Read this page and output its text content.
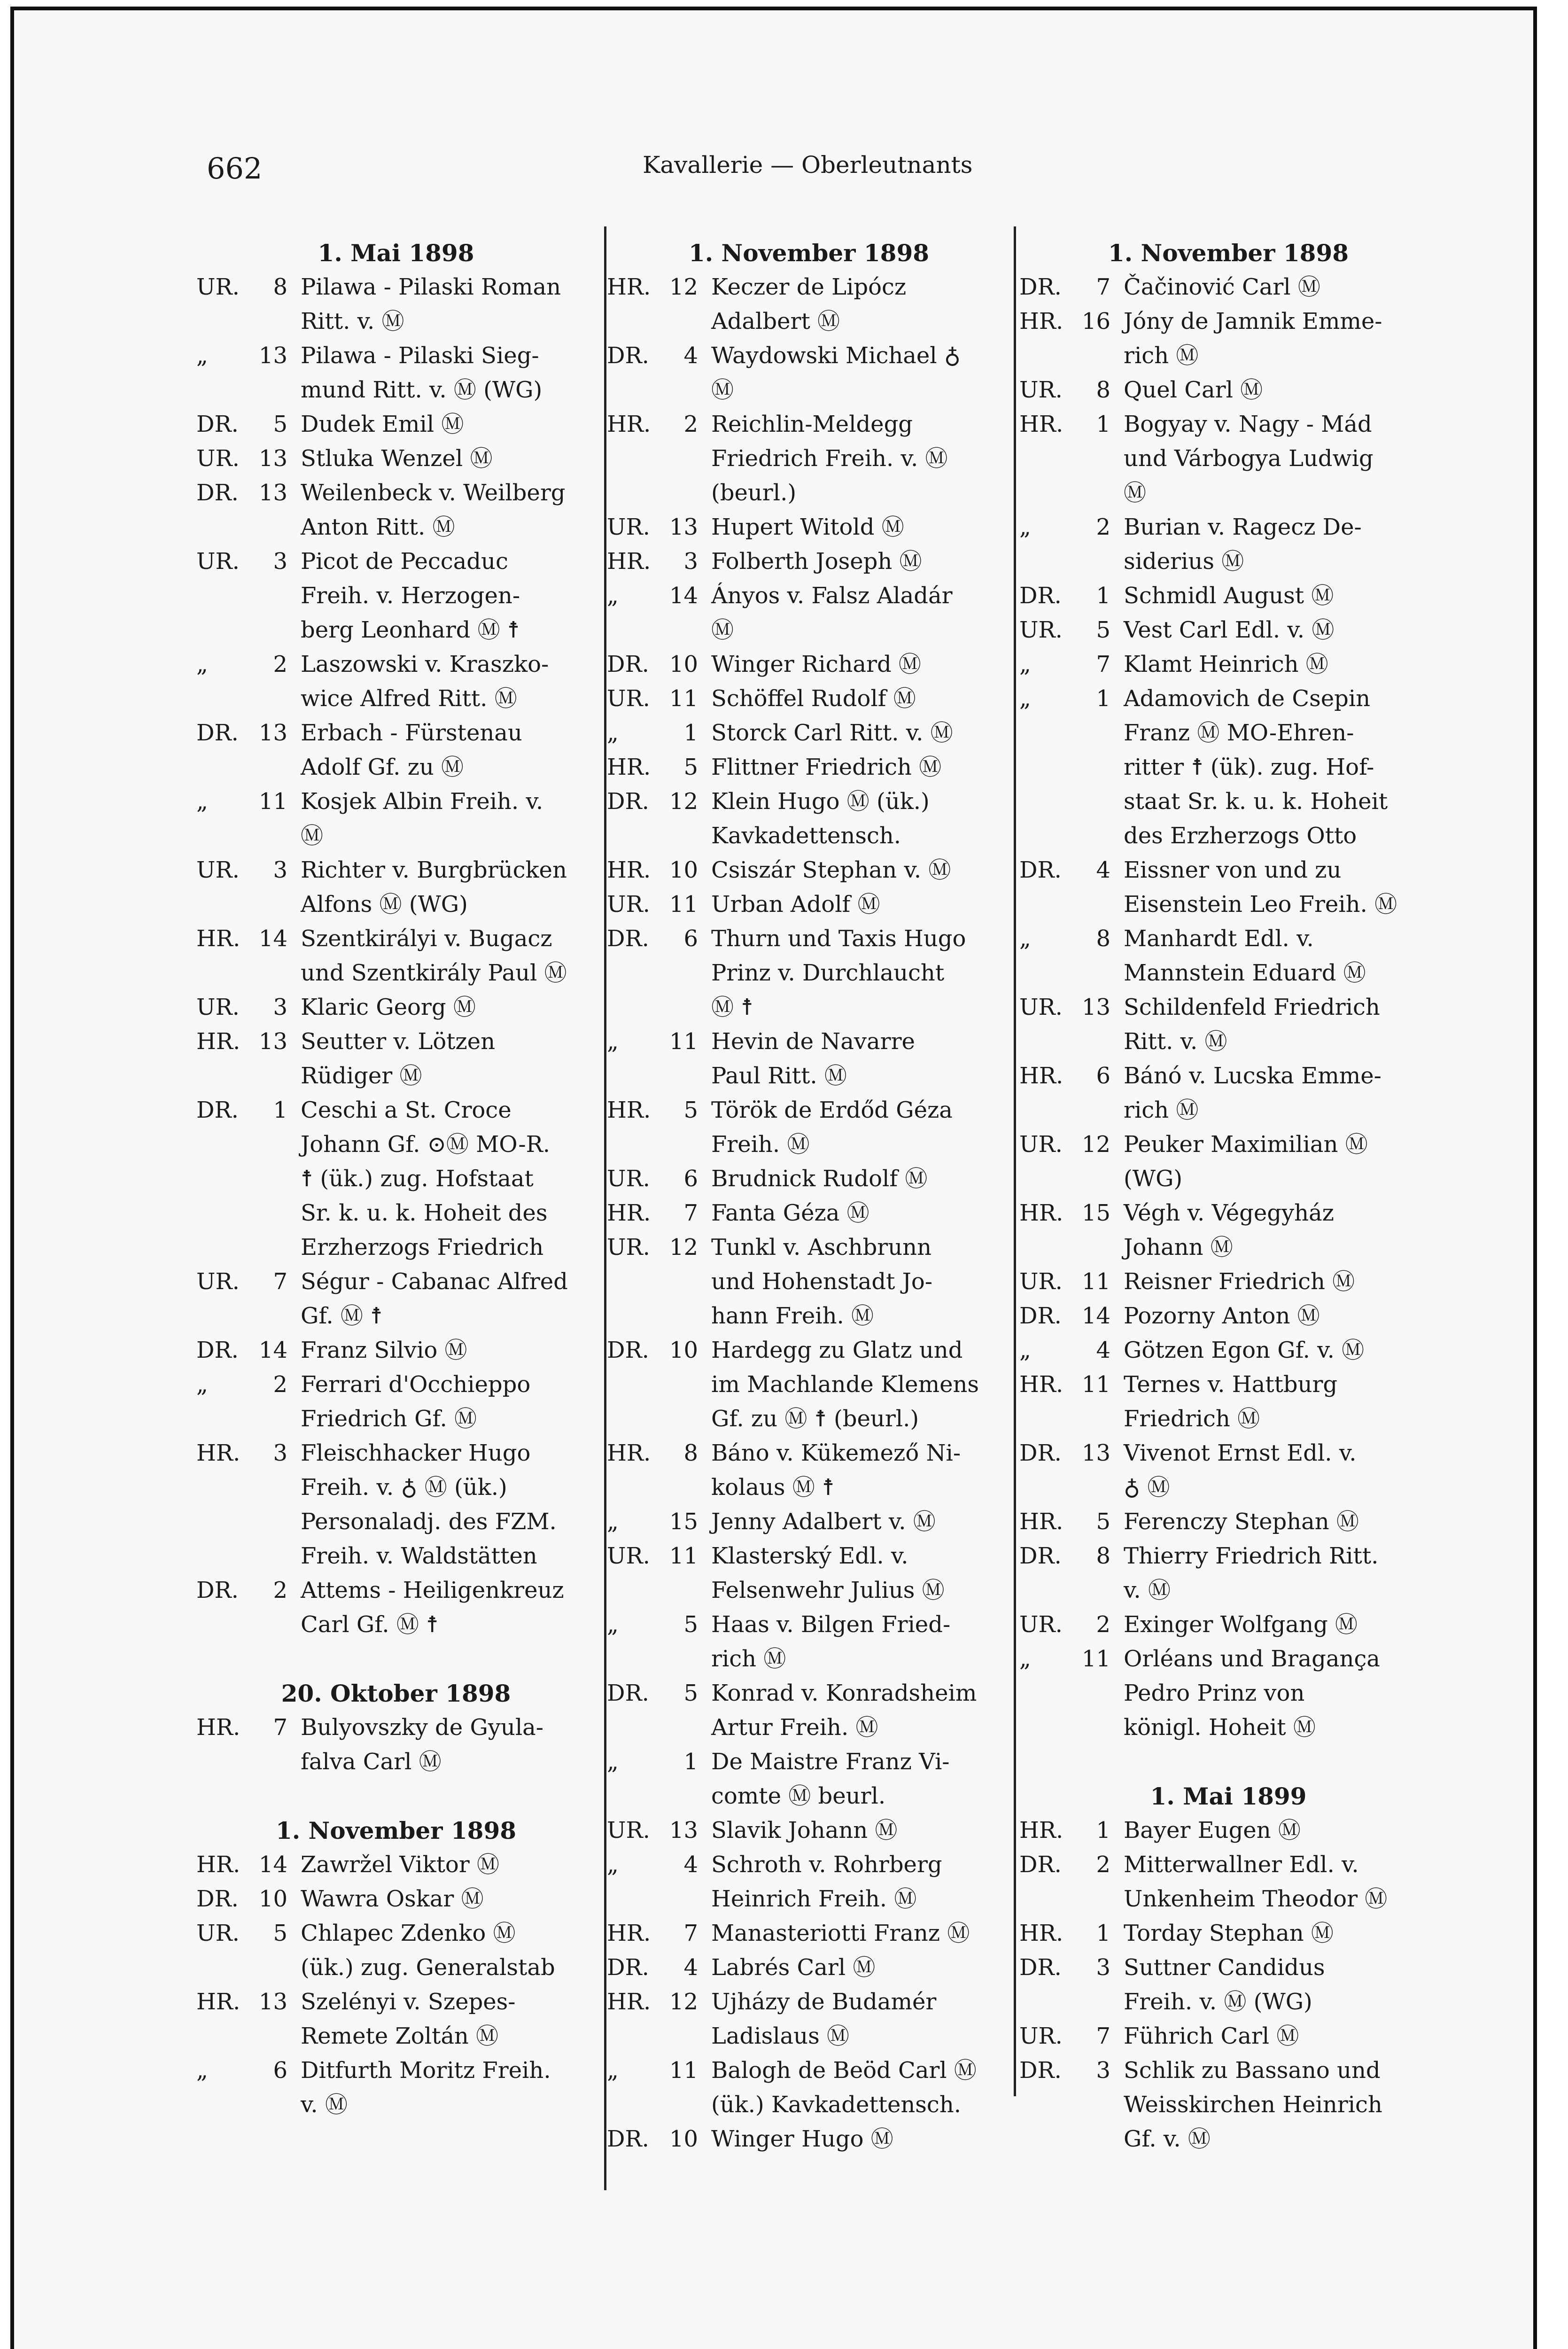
662	Kavallerie — Oberleutnants
1. Mai 1898
UR.	8 Pilawa - Pilaski Roman
Ritt. v. Ⓜ
„	13 Pilawa - Pilaski Sieg-
mund Ritt. v. Ⓜ (WG)
DR.	5 Dudek Emil Ⓜ
UR. 13 Stluka Wenzel Ⓜ
DR. 13 Weilenbeck v. Weilberg
Anton Ritt. Ⓜ
UR.	3 Picot de Peccaduc
Freih. v. Herzogen-
berg Leonhard Ⓜ ☨
„	2 Laszowski v. Kraszko-
wice Alfred Ritt. Ⓜ
DR. 13 Erbach - Fürstenau
Adolf Gf. zu Ⓜ
„	11 Kosjek Albin Freih. v.
Ⓜ
UR.	3 Richter v. Burgbrücken
Alfons Ⓜ (WG)
HR. 14 Szentkirályi v. Bugacz
und Szentkirály Paul Ⓜ
UR.	3 Klaric Georg Ⓜ
HR. 13 Seutter v. Lötzen
Rüdiger Ⓜ
DR.	1 Ceschi a St. Croce
Johann Gf. ⊙Ⓜ MO-R.
☨ (ük.) zug. Hofstaat
Sr. k. u. k. Hoheit des
Erzherzogs Friedrich
UR.	7 Ségur - Cabanac Alfred
Gf. Ⓜ ☨
DR. 14 Franz Silvio Ⓜ
„	2 Ferrari d'Occhieppo
Friedrich Gf. Ⓜ
HR.	3 Fleischhacker Hugo
Freih. v. ♁ Ⓜ (ük.)
Personaladj. des FZM.
Freih. v. Waldstätten
DR.	2 Attems - Heiligenkreuz
Carl Gf. Ⓜ ☨
20. Oktober 1898
HR.	7 Bulyovszky de Gyula-
falva Carl Ⓜ
1. November 1898
HR. 14 Zawržel Viktor Ⓜ
DR. 10 Wawra Oskar Ⓜ
UR.	5 Chlapec Zdenko Ⓜ
(ük.) zug. Generalstab
HR. 13 Szelényi v. Szepes-
Remete Zoltán Ⓜ
„	6 Ditfurth Moritz Freih.
v. Ⓜ
1. November 1898
HR. 12 Keczer de Lipócz
Adalbert Ⓜ
DR.	4 Waydowski Michael ♁
Ⓜ
HR.	2 Reichlin-Meldegg
Friedrich Freih. v. Ⓜ
(beurl.)
UR. 13 Hupert Witold Ⓜ
HR.	3 Folberth Joseph Ⓜ
„	14 Ányos v. Falsz Aladár
Ⓜ
DR. 10 Winger Richard Ⓜ
UR. 11 Schöffel Rudolf Ⓜ
„	1 Storck Carl Ritt. v. Ⓜ
HR.	5 Flittner Friedrich Ⓜ
DR. 12 Klein Hugo Ⓜ (ük.)
Kavkadettensch.
HR. 10 Csiszár Stephan v. Ⓜ
UR. 11 Urban Adolf Ⓜ
DR.	6 Thurn und Taxis Hugo
Prinz v. Durchlaucht
Ⓜ ☨
„	11 Hevin de Navarre
Paul Ritt. Ⓜ
HR.	5 Török de Erdőd Géza
Freih. Ⓜ
UR.	6 Brudnick Rudolf Ⓜ
HR.	7 Fanta Géza Ⓜ
UR. 12 Tunkl v. Aschbrunn
und Hohenstadt Jo-
hann Freih. Ⓜ
DR. 10 Hardegg zu Glatz und
im Machlande Klemens
Gf. zu Ⓜ ☨ (beurl.)
HR.	8 Báno v. Kükemező Ni-
kolaus Ⓜ ☨
„	15 Jenny Adalbert v. Ⓜ
UR. 11 Klasterský Edl. v.
Felsenwehr Julius Ⓜ
„	5 Haas v. Bilgen Fried-
rich Ⓜ
DR.	5 Konrad v. Konradsheim
Artur Freih. Ⓜ
„	1 De Maistre Franz Vi-
comte Ⓜ beurl.
UR. 13 Slavik Johann Ⓜ
„	4 Schroth v. Rohrberg
Heinrich Freih. Ⓜ
HR.	7 Manasteriotti Franz Ⓜ
DR.	4 Labrés Carl Ⓜ
HR. 12 Ujházy de Budamér
Ladislaus Ⓜ
„	11 Balogh de Beöd Carl Ⓜ
(ük.) Kavkadettensch.
DR. 10 Winger Hugo Ⓜ
1. November 1898
DR.	7 Čačinović Carl Ⓜ
HR. 16 Jóny de Jamnik Emme-
rich Ⓜ
UR.	8 Quel Carl Ⓜ
HR.	1 Bogyay v. Nagy - Mád
und Várbogya Ludwig
Ⓜ
„	2 Burian v. Ragecz De-
siderius Ⓜ
DR.	1 Schmidl August Ⓜ
UR.	5 Vest Carl Edl. v. Ⓜ
„	7 Klamt Heinrich Ⓜ
„	1 Adamovich de Csepin
Franz Ⓜ MO-Ehren-
ritter ☨ (ük). zug. Hof-
staat Sr. k. u. k. Hoheit
des Erzherzogs Otto
DR.	4 Eissner von und zu
Eisenstein Leo Freih. Ⓜ
„	8 Manhardt Edl. v.
Mannstein Eduard Ⓜ
UR. 13 Schildenfeld Friedrich
Ritt. v. Ⓜ
HR.	6 Bánó v. Lucska Emme-
rich Ⓜ
UR. 12 Peuker Maximilian Ⓜ
(WG)
HR. 15 Végh v. Végegyház
Johann Ⓜ
UR. 11 Reisner Friedrich Ⓜ
DR. 14 Pozorny Anton Ⓜ
„	4 Götzen Egon Gf. v. Ⓜ
HR. 11 Ternes v. Hattburg
Friedrich Ⓜ
DR. 13 Vivenot Ernst Edl. v.
♁ Ⓜ
HR.	5 Ferenczy Stephan Ⓜ
DR.	8 Thierry Friedrich Ritt.
v. Ⓜ
UR.	2 Exinger Wolfgang Ⓜ
„	11 Orléans und Bragança
Pedro Prinz von
königl. Hoheit Ⓜ
1. Mai 1899
HR.	1 Bayer Eugen Ⓜ
DR.	2 Mitterwallner Edl. v.
Unkenheim Theodor Ⓜ
HR.	1 Torday Stephan Ⓜ
DR.	3 Suttner Candidus
Freih. v. Ⓜ (WG)
UR.	7 Führich Carl Ⓜ
DR.	3 Schlik zu Bassano und
Weisskirchen Heinrich
Gf. v. Ⓜ
